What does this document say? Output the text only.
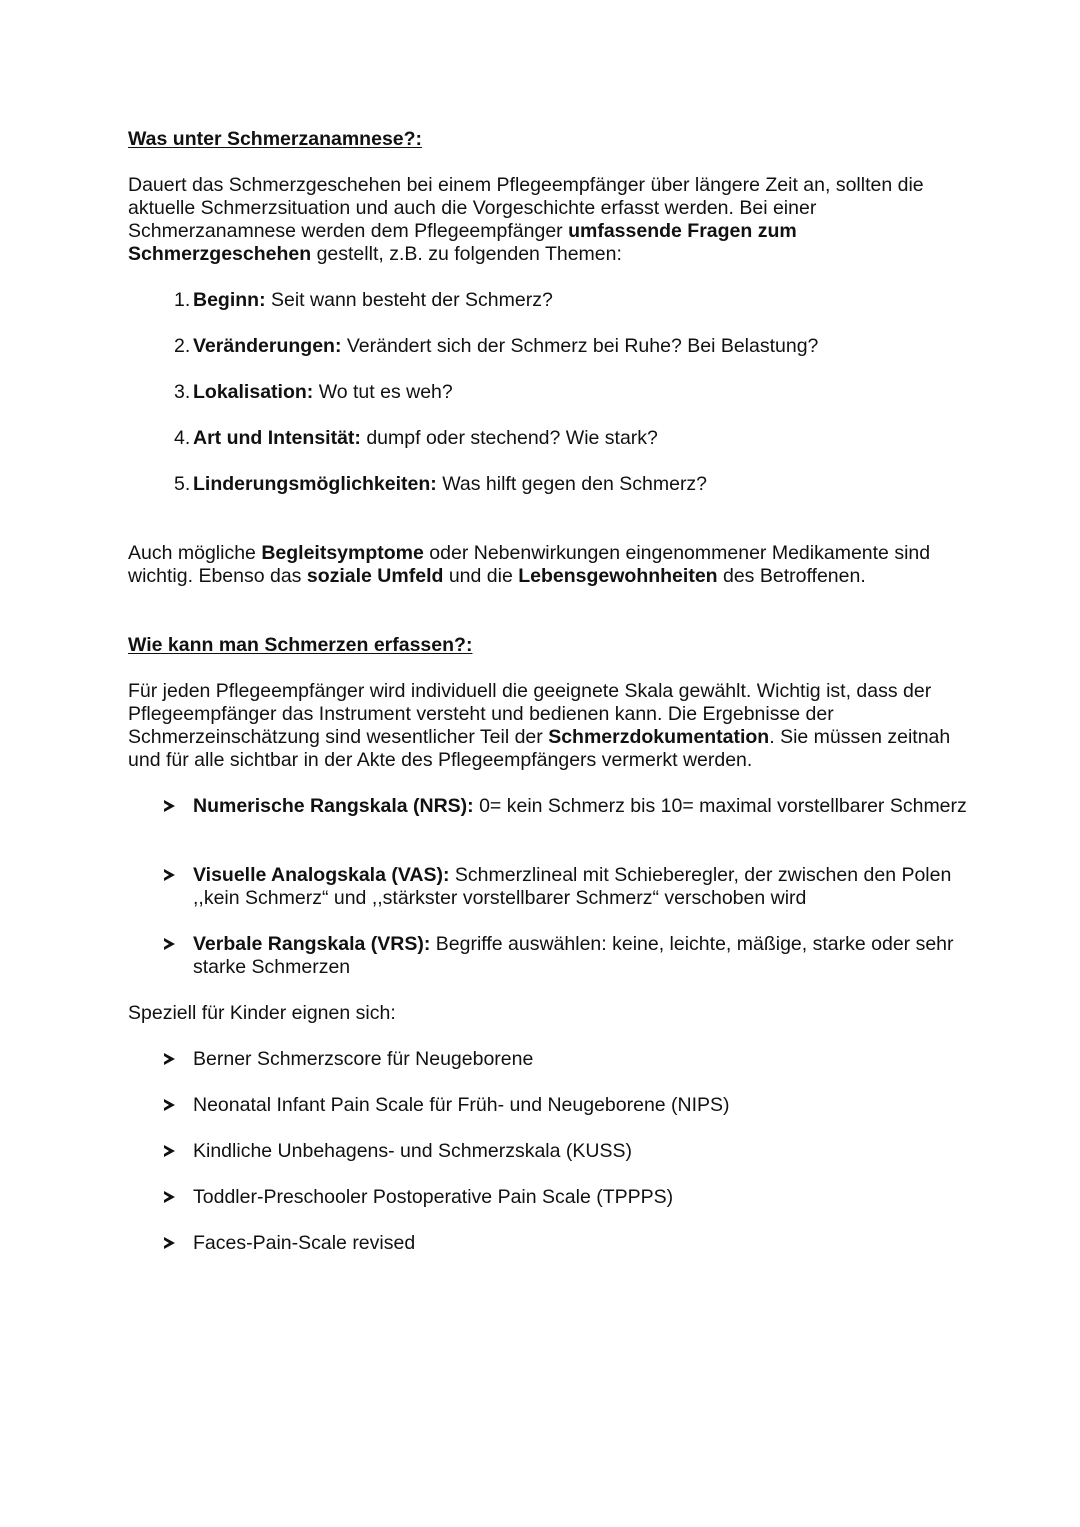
Was unter Schmerzanamnese?:

Dauert das Schmerzgeschehen bei einem Pflegeempfänger über längere Zeit an, sollten die aktuelle Schmerzsituation und auch die Vorgeschichte erfasst werden. Bei einer Schmerzanamnese werden dem Pflegeempfänger umfassende Fragen zum Schmerzgeschehen gestellt, z.B. zu folgenden Themen:

1. Beginn: Seit wann besteht der Schmerz?
2. Veränderungen: Verändert sich der Schmerz bei Ruhe? Bei Belastung?
3. Lokalisation: Wo tut es weh?
4. Art und Intensität: dumpf oder stechend? Wie stark?
5. Linderungsmöglichkeiten: Was hilft gegen den Schmerz?

Auch mögliche Begleitsymptome oder Nebenwirkungen eingenommener Medikamente sind wichtig. Ebenso das soziale Umfeld und die Lebensgewohnheiten des Betroffenen.

Wie kann man Schmerzen erfassen?:

Für jeden Pflegeempfänger wird individuell die geeignete Skala gewählt. Wichtig ist, dass der Pflegeempfänger das Instrument versteht und bedienen kann. Die Ergebnisse der Schmerzeinschätzung sind wesentlicher Teil der Schmerzdokumentation. Sie müssen zeitnah und für alle sichtbar in der Akte des Pflegeempfängers vermerkt werden.

Numerische Rangskala (NRS): 0= kein Schmerz bis 10= maximal vorstellbarer Schmerz
Visuelle Analogskala (VAS): Schmerzlineal mit Schieberegler, der zwischen den Polen ,,kein Schmerz“ und ,,stärkster vorstellbarer Schmerz“ verschoben wird
Verbale Rangskala (VRS): Begriffe auswählen: keine, leichte, mäßige, starke oder sehr starke Schmerzen

Speziell für Kinder eignen sich:

Berner Schmerzscore für Neugeborene
Neonatal Infant Pain Scale für Früh- und Neugeborene (NIPS)
Kindliche Unbehagens- und Schmerzskala (KUSS)
Toddler-Preschooler Postoperative Pain Scale (TPPPS)
Faces-Pain-Scale revised
